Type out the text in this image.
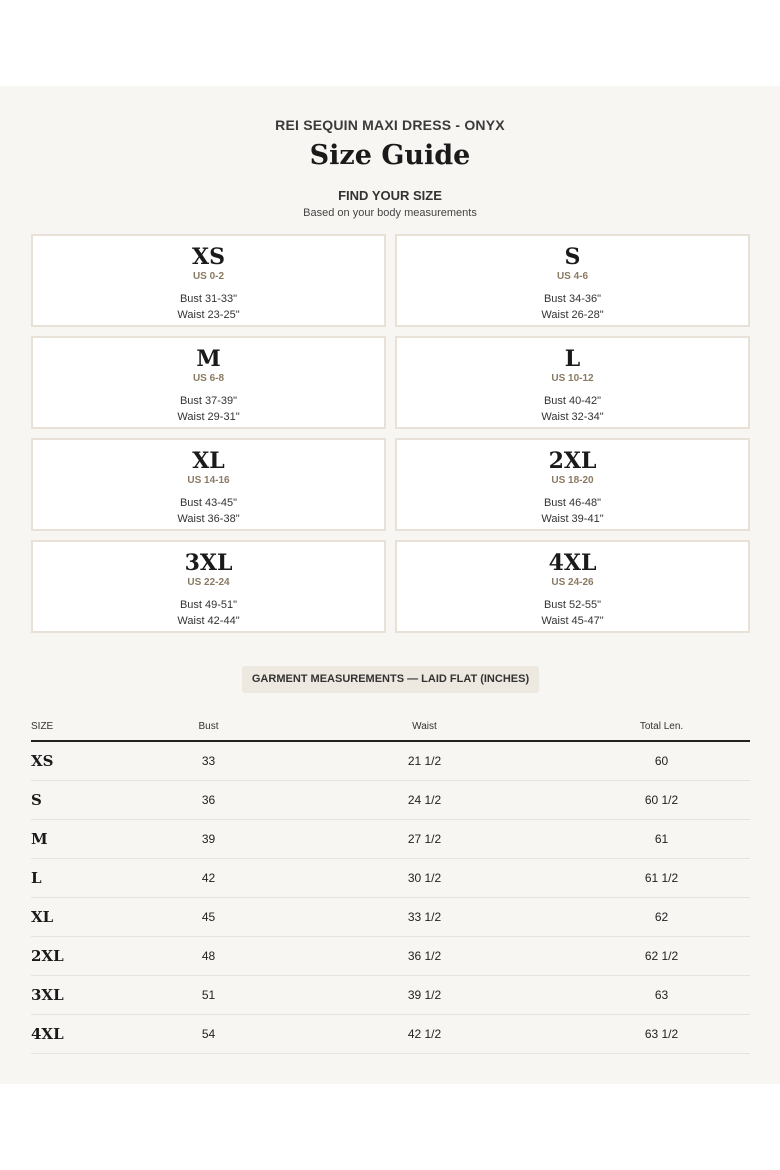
REI SEQUIN MAXI DRESS - ONYX
Size Guide
FIND YOUR SIZE
Based on your body measurements
XS
US 0-2
Bust 31-33"
Waist 23-25"
S
US 4-6
Bust 34-36"
Waist 26-28"
M
US 6-8
Bust 37-39"
Waist 29-31"
L
US 10-12
Bust 40-42"
Waist 32-34"
XL
US 14-16
Bust 43-45"
Waist 36-38"
2XL
US 18-20
Bust 46-48"
Waist 39-41"
3XL
US 22-24
Bust 49-51"
Waist 42-44"
4XL
US 24-26
Bust 52-55"
Waist 45-47"
GARMENT MEASUREMENTS — LAID FLAT (INCHES)
SIZE	Bust	Waist	Total Len.
XS	33	21 1/2	60
S	36	24 1/2	60 1/2
M	39	27 1/2	61
L	42	30 1/2	61 1/2
XL	45	33 1/2	62
2XL	48	36 1/2	62 1/2
3XL	51	39 1/2	63
4XL	54	42 1/2	63 1/2
